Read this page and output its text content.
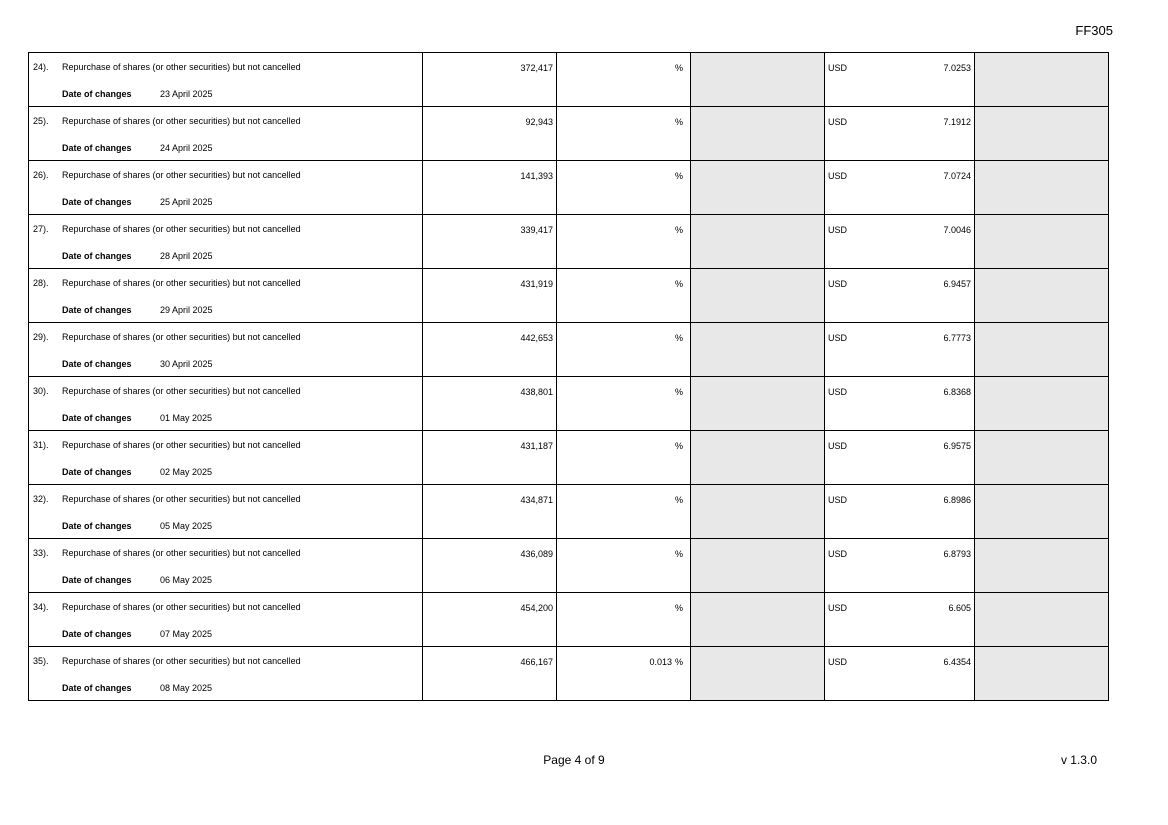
FF305
24). Repurchase of shares (or other securities) but not cancelled
Date of changes 23 April 2025	372,417	%		USD 7.0253	

25). Repurchase of shares (or other securities) but not cancelled
Date of changes 24 April 2025	92,943	%		USD 7.1912	

26). Repurchase of shares (or other securities) but not cancelled
Date of changes 25 April 2025	141,393	%		USD 7.0724	

27). Repurchase of shares (or other securities) but not cancelled
Date of changes 28 April 2025	339,417	%		USD 7.0046	

28). Repurchase of shares (or other securities) but not cancelled
Date of changes 29 April 2025	431,919	%		USD 6.9457	

29). Repurchase of shares (or other securities) but not cancelled
Date of changes 30 April 2025	442,653	%		USD 6.7773	

30). Repurchase of shares (or other securities) but not cancelled
Date of changes 01 May 2025	438,801	%		USD 6.8368	

31). Repurchase of shares (or other securities) but not cancelled
Date of changes 02 May 2025	431,187	%		USD 6.9575	

32). Repurchase of shares (or other securities) but not cancelled
Date of changes 05 May 2025	434,871	%		USD 6.8986	

33). Repurchase of shares (or other securities) but not cancelled
Date of changes 06 May 2025	436,089	%		USD 6.8793	

34). Repurchase of shares (or other securities) but not cancelled
Date of changes 07 May 2025	454,200	%		USD 6.605	

35). Repurchase of shares (or other securities) but not cancelled
Date of changes 08 May 2025	466,167	0.013 %		USD 6.4354	

Page 4 of 9	v 1.3.0
